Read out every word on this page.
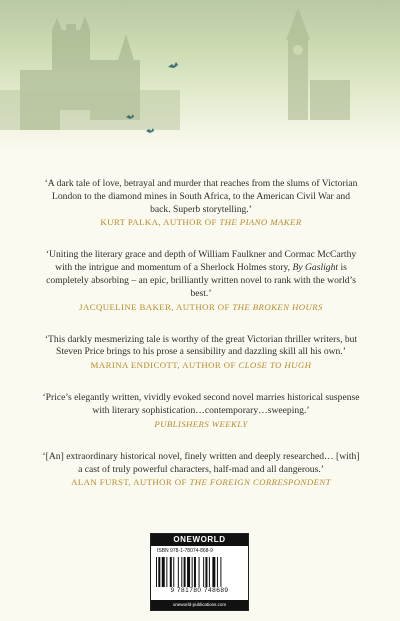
‘A dark tale of love, betrayal and murder that reaches from the slums of Victorian London to the diamond mines in South Africa, to the American Civil War and back. Superb storytelling.’

KURT PALKA, AUTHOR OF THE PIANO MAKER

‘Uniting the literary grace and depth of William Faulkner and Cormac McCarthy with the intrigue and momentum of a Sherlock Holmes story, By Gaslight is completely absorbing – an epic, brilliantly written novel to rank with the world’s best.’

JACQUELINE BAKER, AUTHOR OF THE BROKEN HOURS

‘This darkly mesmerizing tale is worthy of the great Victorian thriller writers, but Steven Price brings to his prose a sensibility and dazzling skill all his own.’

MARINA ENDICOTT, AUTHOR OF CLOSE TO HUGH

‘Price’s elegantly written, vividly evoked second novel marries historical suspense with literary sophistication…contemporary…sweeping.’

PUBLISHERS WEEKLY

‘[An] extraordinary historical novel, finely written and deeply researched… [with] a cast of truly powerful characters, half-mad and all dangerous.’

ALAN FURST, AUTHOR OF THE FOREIGN CORRESPONDENT
ONEWORLD
ISBN 978-1-78074-868-9
9 781780 748689
oneworld-publications.com
